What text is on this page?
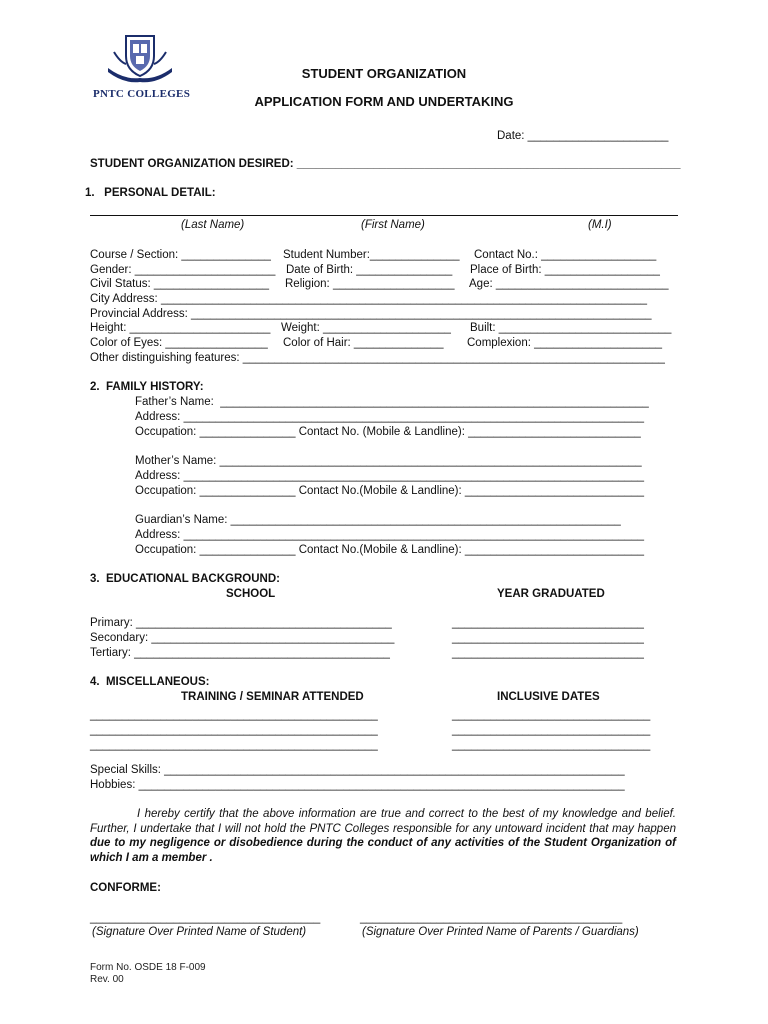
PNTC COLLEGES
STUDENT ORGANIZATION
APPLICATION FORM AND UNDERTAKING
Date: ______________________
STUDENT ORGANIZATION DESIRED: ____________________________________________________________
1.   PERSONAL DETAIL:
(Last Name)	(First Name)	(M.I)
Course / Section: ______________ Student Number:______________ Contact No.: __________________
Gender: ______________________ Date of Birth: _______________ Place of Birth: __________________
Civil Status: __________________ Religion: ___________________ Age: ___________________________
City Address: ____________________________________________________________________________
Provincial Address: ________________________________________________________________________
Height: ______________________ Weight: ____________________ Built: ___________________________
Color of Eyes: ________________ Color of Hair: ______________ Complexion: ____________________
Other distinguishing features: __________________________________________________________________
2.  FAMILY HISTORY:
Father’s Name:  ___________________________________________________________________
Address: ________________________________________________________________________
Occupation: _______________ Contact No. (Mobile & Landline): ___________________________
Mother’s Name: __________________________________________________________________
Address: ________________________________________________________________________
Occupation: _______________ Contact No.(Mobile & Landline): ____________________________
Guardian’s Name: _____________________________________________________________
Address: ________________________________________________________________________
Occupation: _______________ Contact No.(Mobile & Landline): ____________________________
3.  EDUCATIONAL BACKGROUND:
SCHOOL	YEAR GRADUATED
Primary: ________________________________________	______________________________
Secondary: ______________________________________	______________________________
Tertiary: ________________________________________	______________________________
4.  MISCELLANEOUS:
TRAINING / SEMINAR ATTENDED	INCLUSIVE DATES
_____________________________________________	_______________________________
_____________________________________________	_______________________________
_____________________________________________	_______________________________
Special Skills: ________________________________________________________________________
Hobbies: ____________________________________________________________________________
I hereby certify that the above information are true and correct to the best of my knowledge and belief. Further, I undertake that I will not hold the PNTC Colleges responsible for any untoward incident that may happen due to my negligence or disobedience during the conduct of any activities of the Student Organization of which I am a member .
CONFORME:
____________________________________	_________________________________________
(Signature Over Printed Name of Student)	(Signature Over Printed Name of Parents / Guardians)
Form No. OSDE 18 F-009
Rev. 00
